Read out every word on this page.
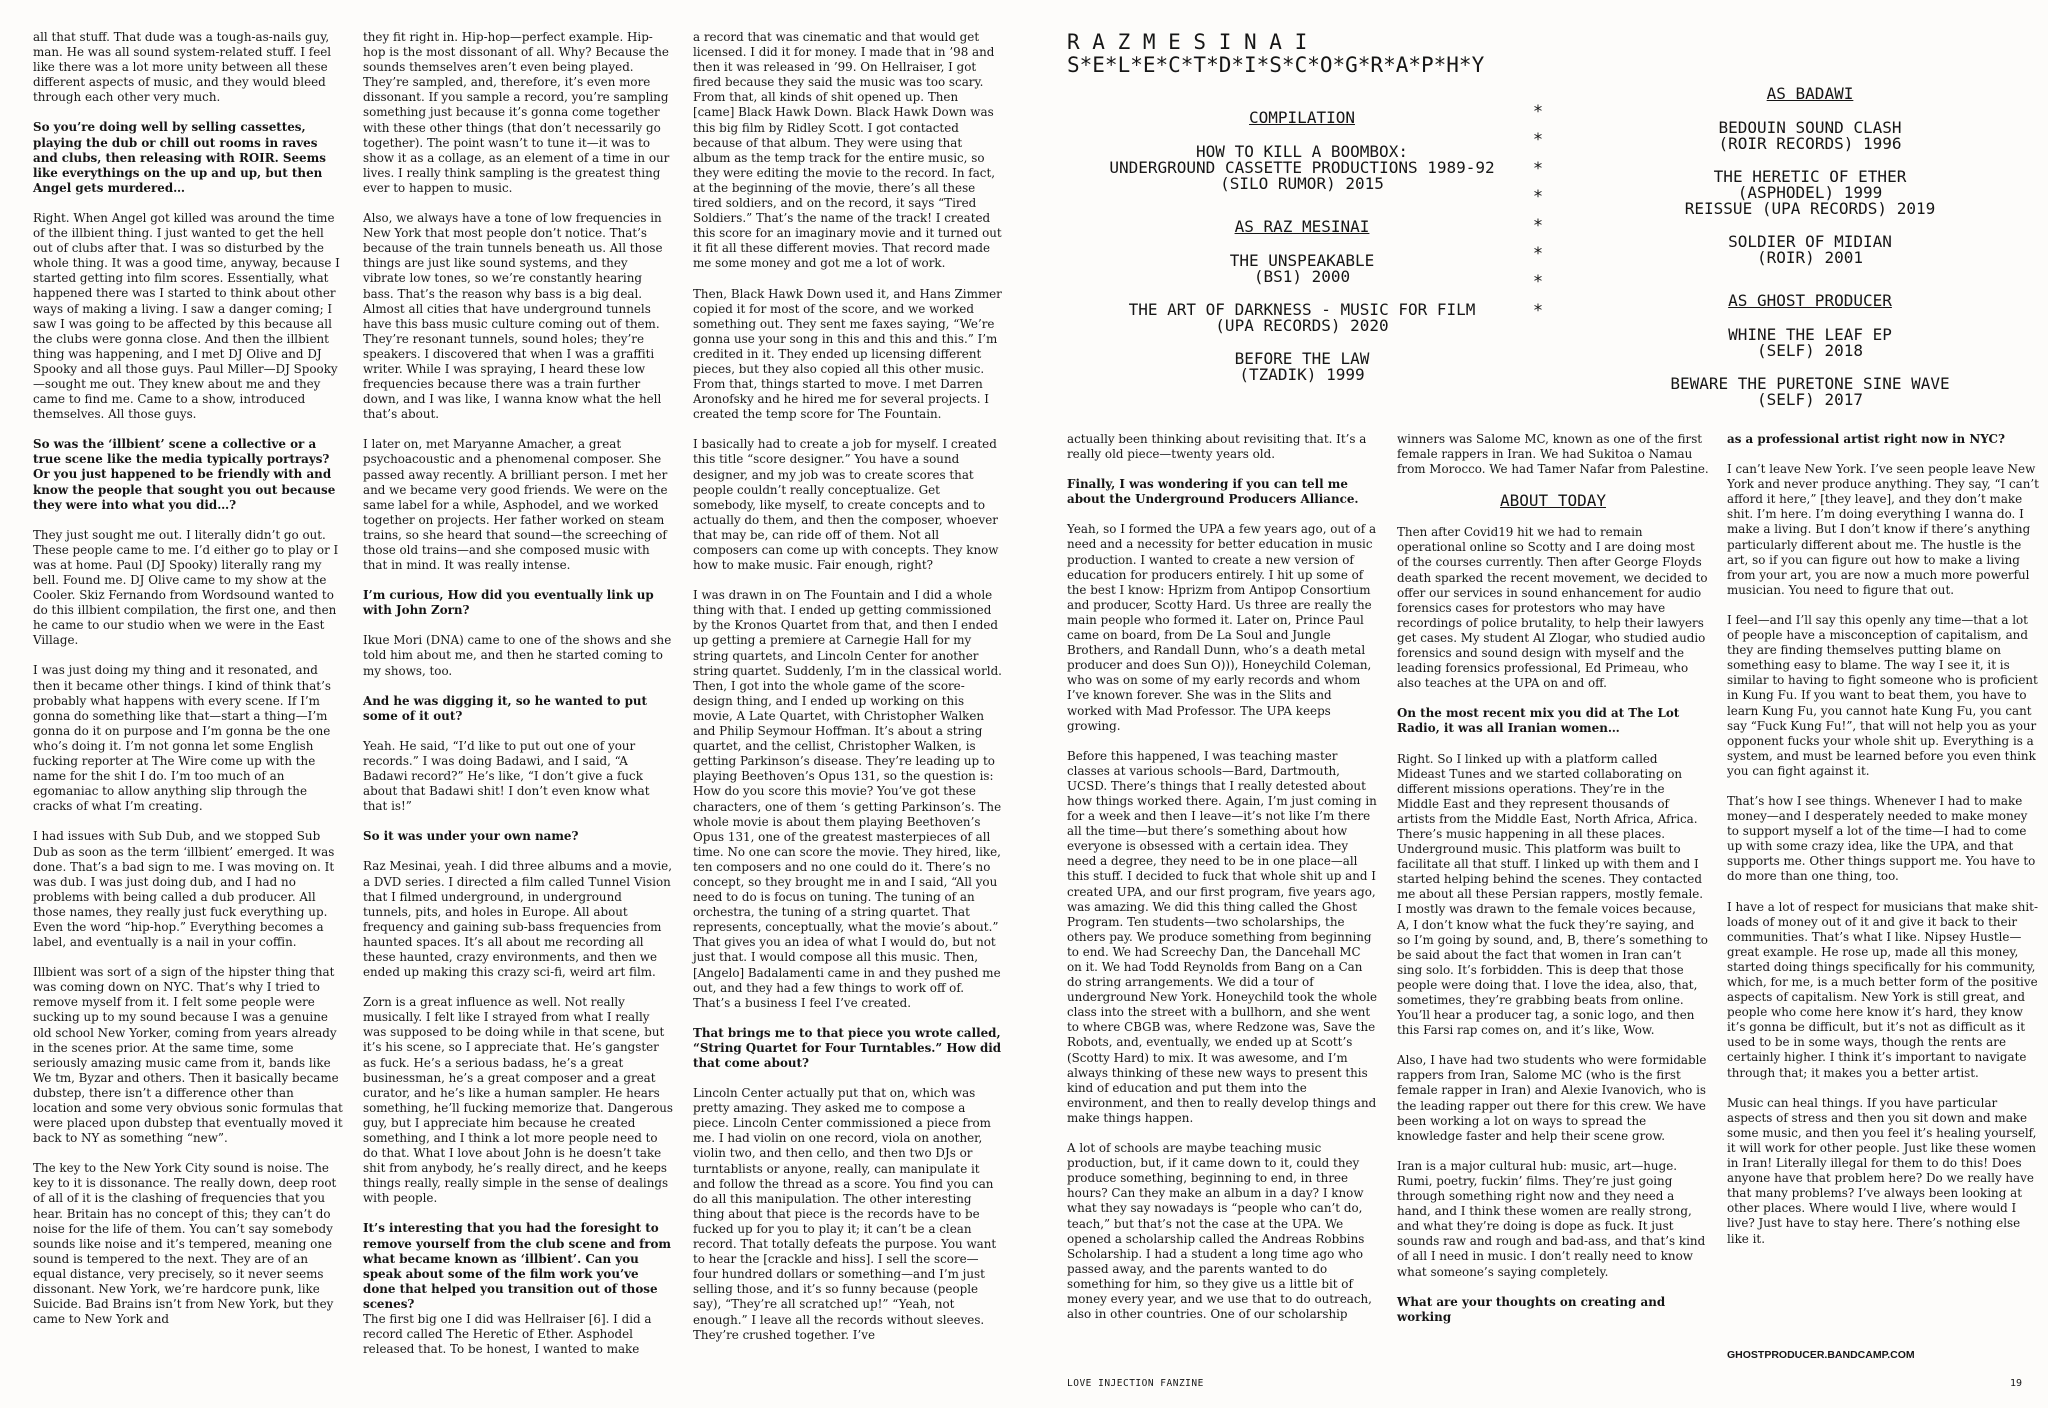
all that stuff. That dude was a tough-as-nails guy, man. He was all sound system-related stuff. I feel like there was a lot more unity between all these different aspects of music, and they would bleed through each other very much.

So you’re doing well by selling cassettes, playing the dub or chill out rooms in raves and clubs, then releasing with ROIR. Seems like everythings on the up and up, but then Angel gets murdered…

Right. When Angel got killed was around the time of the illbient thing. I just wanted to get the hell out of clubs after that. I was so disturbed by the whole thing. It was a good time, anyway, because I started getting into film scores. Essentially, what happened there was I started to think about other ways of making a living. I saw a danger coming; I saw I was going to be affected by this because all the clubs were gonna close. And then the illbient thing was happening, and I met DJ Olive and DJ Spooky and all those guys. Paul Miller—DJ Spooky—sought me out. They knew about me and they came to find me. Came to a show, introduced themselves. All those guys.

So was the ‘illbient’ scene a collective or a true scene like the media typically portrays? Or you just happened to be friendly with and know the people that sought you out because they were into what you did…?

They just sought me out. I literally didn’t go out. These people came to me. I’d either go to play or I was at home. Paul (DJ Spooky) literally rang my bell. Found me. DJ Olive came to my show at the Cooler. Skiz Fernando from Wordsound wanted to do this illbient compilation, the first one, and then he came to our studio when we were in the East Village.

I was just doing my thing and it resonated, and then it became other things. I kind of think that’s probably what happens with every scene. If I’m gonna do something like that—start a thing—I’m gonna do it on purpose and I’m gonna be the one who’s doing it. I’m not gonna let some English fucking reporter at The Wire come up with the name for the shit I do. I’m too much of an egomaniac to allow anything slip through the cracks of what I’m creating.

I had issues with Sub Dub, and we stopped Sub Dub as soon as the term ‘illbient’ emerged. It was done. That’s a bad sign to me. I was moving on. It was dub. I was just doing dub, and I had no problems with being called a dub producer. All those names, they really just fuck everything up. Even the word “hip-hop.” Everything becomes a label, and eventually is a nail in your coffin.

Illbient was sort of a sign of the hipster thing that was coming down on NYC. That’s why I tried to remove myself from it. I felt some people were sucking up to my sound because I was a genuine old school New Yorker, coming from years already in the scenes prior. At the same time, some seriously amazing music came from it, bands like We tm, Byzar and others. Then it basically became dubstep, there isn’t a difference other than location and some very obvious sonic formulas that were placed upon dubstep that eventually moved it back to NY as something “new”.

The key to the New York City sound is noise. The key to it is dissonance. The really down, deep root of all of it is the clashing of frequencies that you hear. Britain has no concept of this; they can’t do noise for the life of them. You can’t say somebody sounds like noise and it’s tempered, meaning one sound is tempered to the next. They are of an equal distance, very precisely, so it never seems dissonant. New York, we’re hardcore punk, like Suicide. Bad Brains isn’t from New York, but they came to New York and

they fit right in. Hip-hop—perfect example. Hip-hop is the most dissonant of all. Why? Because the sounds themselves aren’t even being played. They’re sampled, and, therefore, it’s even more dissonant. If you sample a record, you’re sampling something just because it’s gonna come together with these other things (that don’t necessarily go together). The point wasn’t to tune it—it was to show it as a collage, as an element of a time in our lives. I really think sampling is the greatest thing ever to happen to music.

Also, we always have a tone of low frequencies in New York that most people don’t notice. That’s because of the train tunnels beneath us. All those things are just like sound systems, and they vibrate low tones, so we’re constantly hearing bass. That’s the reason why bass is a big deal. Almost all cities that have underground tunnels have this bass music culture coming out of them. They’re resonant tunnels, sound holes; they’re speakers. I discovered that when I was a graffiti writer. While I was spraying, I heard these low frequencies because there was a train further down, and I was like, I wanna know what the hell that’s about.

I later on, met Maryanne Amacher, a great psychoacoustic and a phenomenal composer. She passed away recently. A brilliant person. I met her and we became very good friends. We were on the same label for a while, Asphodel, and we worked together on projects. Her father worked on steam trains, so she heard that sound—the screeching of those old trains—and she composed music with that in mind. It was really intense.

I’m curious, How did you eventually link up with John Zorn?

Ikue Mori (DNA) came to one of the shows and she told him about me, and then he started coming to my shows, too.

And he was digging it, so he wanted to put some of it out?

Yeah. He said, “I’d like to put out one of your records.” I was doing Badawi, and I said, “A Badawi record?” He’s like, “I don’t give a fuck about that Badawi shit! I don’t even know what that is!”

So it was under your own name?

Raz Mesinai, yeah. I did three albums and a movie, a DVD series. I directed a film called Tunnel Vision that I filmed underground, in underground tunnels, pits, and holes in Europe. All about frequency and gaining sub-bass frequencies from haunted spaces. It’s all about me recording all these haunted, crazy environments, and then we ended up making this crazy sci-fi, weird art film.

Zorn is a great influence as well. Not really musically. I felt like I strayed from what I really was supposed to be doing while in that scene, but it’s his scene, so I appreciate that. He’s gangster as fuck. He’s a serious badass, he’s a great businessman, he’s a great composer and a great curator, and he’s like a human sampler. He hears something, he’ll fucking memorize that. Dangerous guy, but I appreciate him because he created something, and I think a lot more people need to do that. What I love about John is he doesn’t take shit from anybody, he’s really direct, and he keeps things really, really simple in the sense of dealings with people.

It’s interesting that you had the foresight to remove yourself from the club scene and from what became known as ‘illbient’. Can you speak about some of the film work you’ve done that helped you transition out of those scenes?

The first big one I did was Hellraiser [6]. I did a record called The Heretic of Ether. Asphodel released that. To be honest, I wanted to make

a record that was cinematic and that would get licensed. I did it for money. I made that in ’98 and then it was released in ’99. On Hellraiser, I got fired because they said the music was too scary. From that, all kinds of shit opened up. Then [came] Black Hawk Down. Black Hawk Down was this big film by Ridley Scott. I got contacted because of that album. They were using that album as the temp track for the entire music, so they were editing the movie to the record. In fact, at the beginning of the movie, there’s all these tired soldiers, and on the record, it says “Tired Soldiers.” That’s the name of the track! I created this score for an imaginary movie and it turned out it fit all these different movies. That record made me some money and got me a lot of work.

Then, Black Hawk Down used it, and Hans Zimmer copied it for most of the score, and we worked something out. They sent me faxes saying, “We’re gonna use your song in this and this and this.” I’m credited in it. They ended up licensing different pieces, but they also copied all this other music. From that, things started to move. I met Darren Aronofsky and he hired me for several projects. I created the temp score for The Fountain.

I basically had to create a job for myself. I created this title “score designer.” You have a sound designer, and my job was to create scores that people couldn’t really conceptualize. Get somebody, like myself, to create concepts and to actually do them, and then the composer, whoever that may be, can ride off of them. Not all composers can come up with concepts. They know how to make music. Fair enough, right?

I was drawn in on The Fountain and I did a whole thing with that. I ended up getting commissioned by the Kronos Quartet from that, and then I ended up getting a premiere at Carnegie Hall for my string quartets, and Lincoln Center for another string quartet. Suddenly, I’m in the classical world. Then, I got into the whole game of the score-design thing, and I ended up working on this movie, A Late Quartet, with Christopher Walken and Philip Seymour Hoffman. It’s about a string quartet, and the cellist, Christopher Walken, is getting Parkinson’s disease. They’re leading up to playing Beethoven’s Opus 131, so the question is: How do you score this movie? You’ve got these characters, one of them ‘s getting Parkinson’s. The whole movie is about them playing Beethoven’s Opus 131, one of the greatest masterpieces of all time. No one can score the movie. They hired, like, ten composers and no one could do it. There’s no concept, so they brought me in and I said, “All you need to do is focus on tuning. The tuning of an orchestra, the tuning of a string quartet. That represents, conceptually, what the movie’s about.” That gives you an idea of what I would do, but not just that. I would compose all this music. Then, [Angelo] Badalamenti came in and they pushed me out, and they had a few things to work off of. That’s a business I feel I’ve created.

That brings me to that piece you wrote called, “String Quartet for Four Turntables.” How did that come about?

Lincoln Center actually put that on, which was pretty amazing. They asked me to compose a piece. Lincoln Center commissioned a piece from me. I had violin on one record, viola on another, violin two, and then cello, and then two DJs or turntablists or anyone, really, can manipulate it and follow the thread as a score. You find you can do all this manipulation. The other interesting thing about that piece is the records have to be fucked up for you to play it; it can’t be a clean record. That totally defeats the purpose. You want to hear the [crackle and hiss]. I sell the score—four hundred dollars or something—and I’m just selling those, and it’s so funny because (people say), “They’re all scratched up!” “Yeah, not enough.” I leave all the records without sleeves. They’re crushed together. I’ve

R A Z M E S I N A I
S*E*L*E*C*T*D*I*S*C*O*G*R*A*P*H*Y
COMPILATION
HOW TO KILL A BOOMBOX:
UNDERGROUND CASSETTE PRODUCTIONS 1989-92
(SILO RUMOR) 2015
AS RAZ MESINAI
THE UNSPEAKABLE
(BS1) 2000
THE ART OF DARKNESS - MUSIC FOR FILM
(UPA RECORDS) 2020
BEFORE THE LAW
(TZADIK) 1999
*
*
*
*
*
*
*
*
AS BADAWI
BEDOUIN SOUND CLASH
(ROIR RECORDS) 1996
THE HERETIC OF ETHER
(ASPHODEL) 1999
REISSUE (UPA RECORDS) 2019
SOLDIER OF MIDIAN
(ROIR) 2001
AS GHOST PRODUCER
WHINE THE LEAF EP
(SELF) 2018
BEWARE THE PURETONE SINE WAVE
(SELF) 2017

actually been thinking about revisiting that. It’s a really old piece—twenty years old.

Finally, I was wondering if you can tell me about the Underground Producers Alliance.

Yeah, so I formed the UPA a few years ago, out of a need and a necessity for better education in music production. I wanted to create a new version of education for producers entirely. I hit up some of the best I know: Hprizm from Antipop Consortium and producer, Scotty Hard. Us three are really the main people who formed it. Later on, Prince Paul came on board, from De La Soul and Jungle Brothers, and Randall Dunn, who’s a death metal producer and does Sun O))), Honeychild Coleman, who was on some of my early records and whom I’ve known forever. She was in the Slits and worked with Mad Professor. The UPA keeps growing.

Before this happened, I was teaching master classes at various schools—Bard, Dartmouth, UCSD. There’s things that I really detested about how things worked there. Again, I’m just coming in for a week and then I leave—it’s not like I’m there all the time—but there’s something about how everyone is obsessed with a certain idea. They need a degree, they need to be in one place—all this stuff. I decided to fuck that whole shit up and I created UPA, and our first program, five years ago, was amazing. We did this thing called the Ghost Program. Ten students—two scholarships, the others pay. We produce something from beginning to end. We had Screechy Dan, the Dancehall MC on it. We had Todd Reynolds from Bang on a Can do string arrangements. We did a tour of underground New York. Honeychild took the whole class into the street with a bullhorn, and she went to where CBGB was, where Redzone was, Save the Robots, and, eventually, we ended up at Scott’s (Scotty Hard) to mix. It was awesome, and I’m always thinking of these new ways to present this kind of education and put them into the environment, and then to really develop things and make things happen.

A lot of schools are maybe teaching music production, but, if it came down to it, could they produce something, beginning to end, in three hours? Can they make an album in a day? I know what they say nowadays is “people who can’t do, teach,” but that’s not the case at the UPA. We opened a scholarship called the Andreas Robbins Scholarship. I had a student a long time ago who passed away, and the parents wanted to do something for him, so they give us a little bit of money every year, and we use that to do outreach, also in other countries. One of our scholarship

winners was Salome MC, known as one of the first female rappers in Iran. We had Sukitoa o Namau from Morocco. We had Tamer Nafar from Palestine.

ABOUT TODAY

Then after Covid19 hit we had to remain operational online so Scotty and I are doing most of the courses currently. Then after George Floyds death sparked the recent movement, we decided to offer our services in sound enhancement for audio forensics cases for protestors who may have recordings of police brutality, to help their lawyers get cases. My student Al Zlogar, who studied audio forensics and sound design with myself and the leading forensics professional, Ed Primeau, who also teaches at the UPA on and off.

On the most recent mix you did at The Lot Radio, it was all Iranian women…

Right. So I linked up with a platform called Mideast Tunes and we started collaborating on different missions operations. They’re in the Middle East and they represent thousands of artists from the Middle East, North Africa, Africa. There’s music happening in all these places. Underground music. This platform was built to facilitate all that stuff. I linked up with them and I started helping behind the scenes. They contacted me about all these Persian rappers, mostly female. I mostly was drawn to the female voices because, A, I don’t know what the fuck they’re saying, and so I’m going by sound, and, B, there’s something to be said about the fact that women in Iran can’t sing solo. It’s forbidden. This is deep that those people were doing that. I love the idea, also, that, sometimes, they’re grabbing beats from online. You’ll hear a producer tag, a sonic logo, and then this Farsi rap comes on, and it’s like, Wow.

Also, I have had two students who were formidable rappers from Iran, Salome MC (who is the first female rapper in Iran) and Alexie Ivanovich, who is the leading rapper out there for this crew. We have been working a lot on ways to spread the knowledge faster and help their scene grow.

Iran is a major cultural hub: music, art—huge. Rumi, poetry, fuckin’ films. They’re just going through something right now and they need a hand, and I think these women are really strong, and what they’re doing is dope as fuck. It just sounds raw and rough and bad-ass, and that’s kind of all I need in music. I don’t really need to know what someone’s saying completely.

What are your thoughts on creating and working

as a professional artist right now in NYC?

I can’t leave New York. I’ve seen people leave New York and never produce anything. They say, “I can’t afford it here,” [they leave], and they don’t make shit. I’m here. I’m doing everything I wanna do. I make a living. But I don’t know if there’s anything particularly different about me. The hustle is the art, so if you can figure out how to make a living from your art, you are now a much more powerful musician. You need to figure that out.

I feel—and I’ll say this openly any time—that a lot of people have a misconception of capitalism, and they are finding themselves putting blame on something easy to blame. The way I see it, it is similar to having to fight someone who is proficient in Kung Fu. If you want to beat them, you have to learn Kung Fu, you cannot hate Kung Fu, you cant say “Fuck Kung Fu!”, that will not help you as your opponent fucks your whole shit up. Everything is a system, and must be learned before you even think you can fight against it.

That’s how I see things. Whenever I had to make money—and I desperately needed to make money to support myself a lot of the time—I had to come up with some crazy idea, like the UPA, and that supports me. Other things support me. You have to do more than one thing, too.

I have a lot of respect for musicians that make shit-loads of money out of it and give it back to their communities. That’s what I like. Nipsey Hustle—great example. He rose up, made all this money, started doing things specifically for his community, which, for me, is a much better form of the positive aspects of capitalism. New York is still great, and people who come here know it’s hard, they know it’s gonna be difficult, but it’s not as difficult as it used to be in some ways, though the rents are certainly higher. I think it’s important to navigate through that; it makes you a better artist.

Music can heal things. If you have particular aspects of stress and then you sit down and make some music, and then you feel it’s healing yourself, it will work for other people. Just like these women in Iran! Literally illegal for them to do this! Does anyone have that problem here? Do we really have that many problems? I’ve always been looking at other places. Where would I live, where would I live? Just have to stay here. There’s nothing else like it.

GHOSTPRODUCER.BANDCAMP.COM
LOVE INJECTION FANZINE	19
